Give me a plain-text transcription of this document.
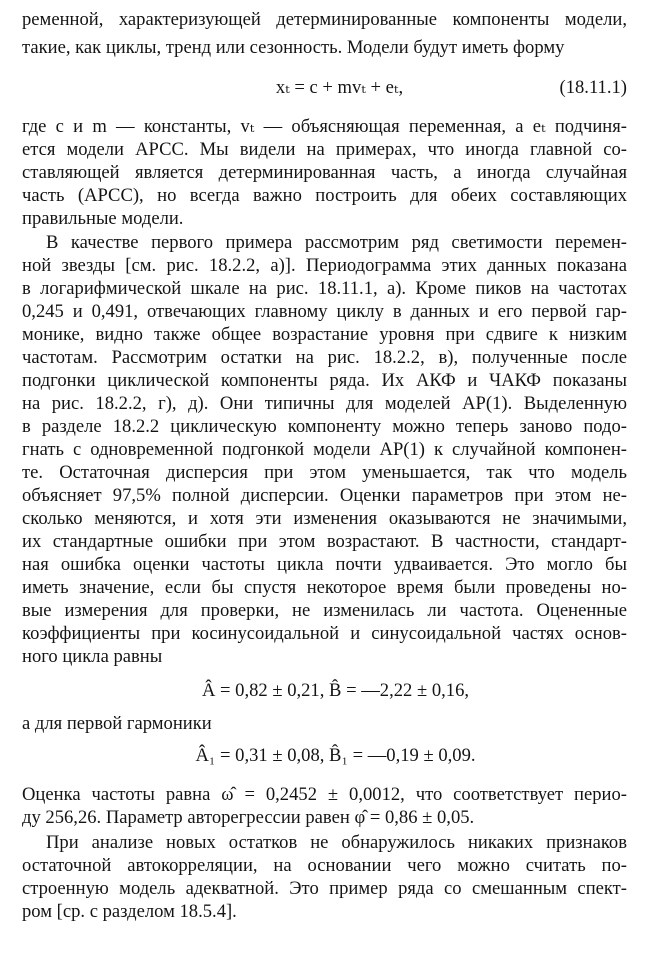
ременной, характеризующей детерминированные компоненты модели,
такие, как циклы, тренд или сезонность. Модели будут иметь форму
xₜ = c + mvₜ + eₜ,	(18.11.1)
где c и m — константы, vₜ — объясняющая переменная, а eₜ подчиня-
ется модели АРСС. Мы видели на примерах, что иногда главной со-
ставляющей является детерминированная часть, а иногда случайная
часть (АРСС), но всегда важно построить для обеих составляющих
правильные модели.
В качестве первого примера рассмотрим ряд светимости перемен-
ной звезды [см. рис. 18.2.2, а)]. Периодограмма этих данных показана
в логарифмической шкале на рис. 18.11.1, а). Кроме пиков на частотах
0,245 и 0,491, отвечающих главному циклу в данных и его первой гар-
монике, видно также общее возрастание уровня при сдвиге к низким
частотам. Рассмотрим остатки на рис. 18.2.2, в), полученные после
подгонки циклической компоненты ряда. Их АКФ и ЧАКФ показаны
на рис. 18.2.2, г), д). Они типичны для моделей АР(1). Выделенную
в разделе 18.2.2 циклическую компоненту можно теперь заново подо-
гнать с одновременной подгонкой модели АР(1) к случайной компонен-
те. Остаточная дисперсия при этом уменьшается, так что модель
объясняет 97,5% полной дисперсии. Оценки параметров при этом не-
сколько меняются, и хотя эти изменения оказываются не значимыми,
их стандартные ошибки при этом возрастают. В частности, стандарт-
ная ошибка оценки частоты цикла почти удваивается. Это могло бы
иметь значение, если бы спустя некоторое время были проведены но-
вые измерения для проверки, не изменилась ли частота. Оцененные
коэффициенты при косинусоидальной и синусоидальной частях основ-
ного цикла равны
Â = 0,82 ± 0,21, B̂ = —2,22 ± 0,16,
а для первой гармоники
Â₁ = 0,31 ± 0,08, B̂₁ = —0,19 ± 0,09.
Оценка частоты равна ω̂ = 0,2452 ± 0,0012, что соответствует перио-
ду 256,26. Параметр авторегрессии равен φ̂ = 0,86 ± 0,05.
При анализе новых остатков не обнаружилось никаких признаков
остаточной автокорреляции, на основании чего можно считать по-
строенную модель адекватной. Это пример ряда со смешанным спект-
ром [ср. с разделом 18.5.4].
